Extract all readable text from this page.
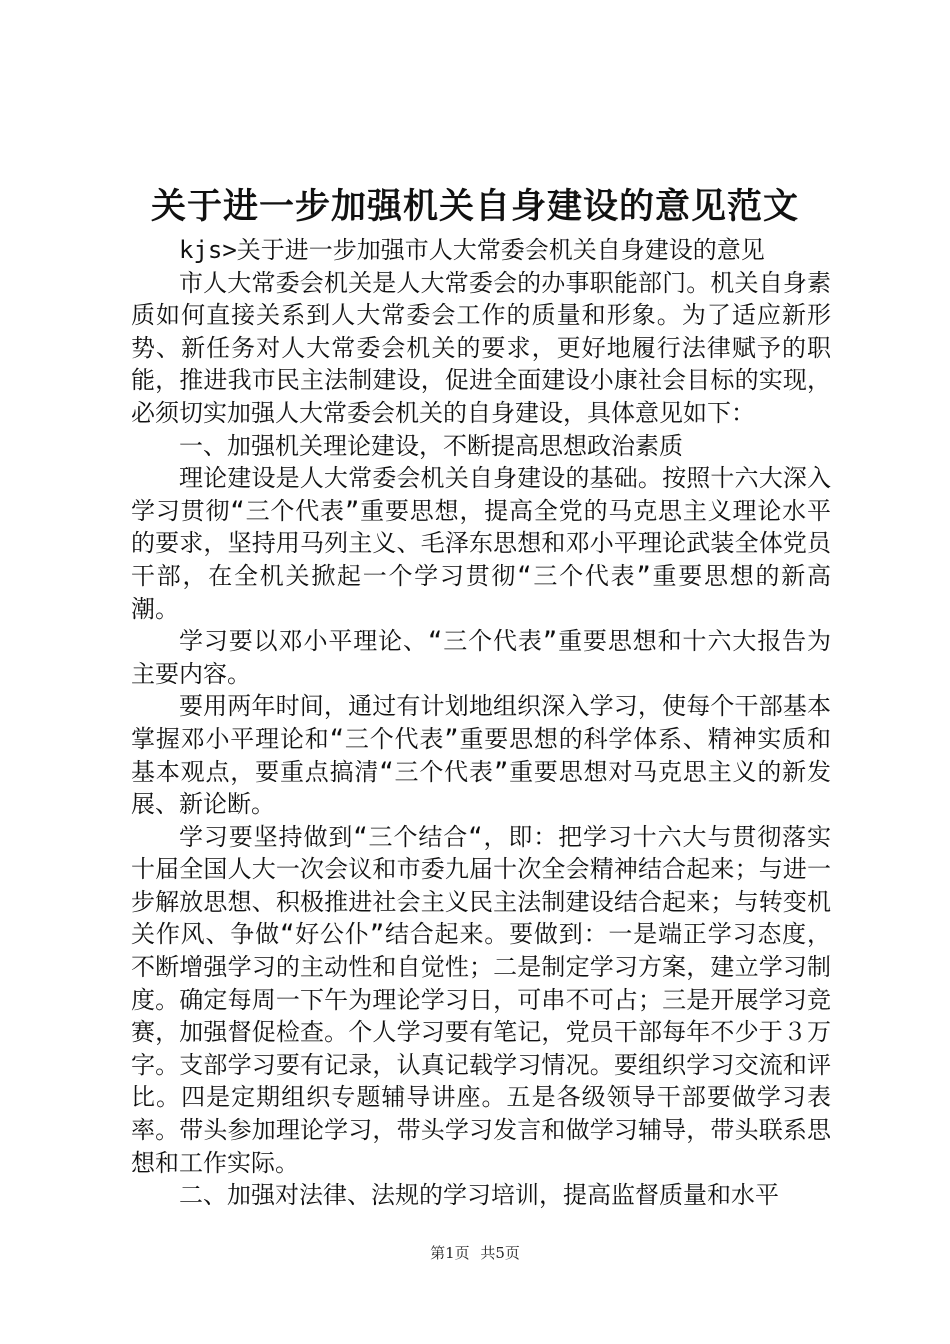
关于进一步加强机关自身建设的意见范文

kjs>关于进一步加强市人大常委会机关自身建设的意见

市人大常委会机关是人大常委会的办事职能部门。机关自身素质如何直接关系到人大常委会工作的质量和形象。为了适应新形势、新任务对人大常委会机关的要求，更好地履行法律赋予的职能，推进我市民主法制建设，促进全面建设小康社会目标的实现，必须切实加强人大常委会机关的自身建设，具体意见如下：

一、加强机关理论建设，不断提高思想政治素质

理论建设是人大常委会机关自身建设的基础。按照十六大深入学习贯彻“三个代表”重要思想，提高全党的马克思主义理论水平的要求，坚持用马列主义、毛泽东思想和邓小平理论武装全体党员干部，在全机关掀起一个学习贯彻“三个代表”重要思想的新高潮。

学习要以邓小平理论、“三个代表”重要思想和十六大报告为主要内容。

要用两年时间，通过有计划地组织深入学习，使每个干部基本掌握邓小平理论和“三个代表”重要思想的科学体系、精神实质和基本观点，要重点搞清“三个代表”重要思想对马克思主义的新发展、新论断。

学习要坚持做到“三个结合“，即：把学习十六大与贯彻落实十届全国人大一次会议和市委九届十次全会精神结合起来；与进一步解放思想、积极推进社会主义民主法制建设结合起来；与转变机关作风、争做“好公仆”结合起来。要做到：一是端正学习态度，不断增强学习的主动性和自觉性；二是制定学习方案，建立学习制度。确定每周一下午为理论学习日，可串不可占；三是开展学习竞赛，加强督促检查。个人学习要有笔记，党员干部每年不少于３万字。支部学习要有记录，认真记载学习情况。要组织学习交流和评比。四是定期组织专题辅导讲座。五是各级领导干部要做学习表率。带头参加理论学习，带头学习发言和做学习辅导，带头联系思想和工作实际。

二、加强对法律、法规的学习培训，提高监督质量和水平

第1页 共5页
